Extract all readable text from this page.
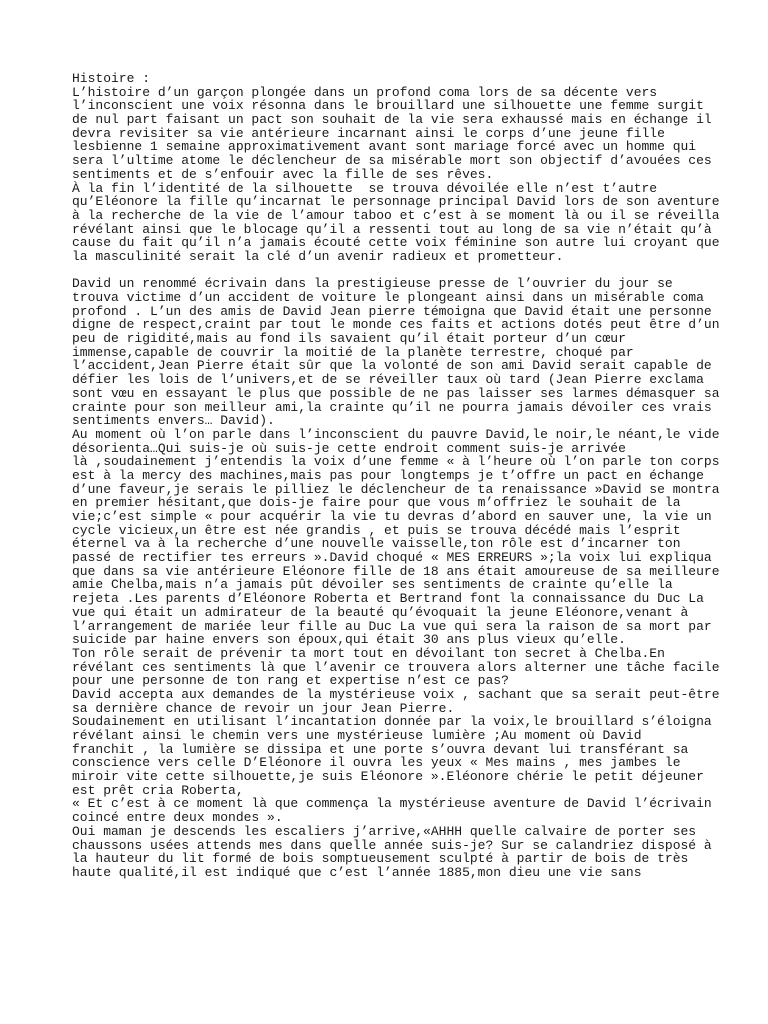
Histoire :
L’histoire d’un garçon plongée dans un profond coma lors de sa décente vers
l’inconscient une voix résonna dans le brouillard une silhouette une femme surgit
de nul part faisant un pact son souhait de la vie sera exhaussé mais en échange il
devra revisiter sa vie antérieure incarnant ainsi le corps d’une jeune fille
lesbienne 1 semaine approximativement avant sont mariage forcé avec un homme qui
sera l’ultime atome le déclencheur de sa misérable mort son objectif d’avouées ces
sentiments et de s’enfouir avec la fille de ses rêves.
À la fin l’identité de la silhouette  se trouva dévoilée elle n’est t’autre
qu’Eléonore la fille qu’incarnat le personnage principal David lors de son aventure
à la recherche de la vie de l’amour taboo et c’est à se moment là ou il se réveilla
révélant ainsi que le blocage qu’il a ressenti tout au long de sa vie n’était qu’à
cause du fait qu’il n’a jamais écouté cette voix féminine son autre lui croyant que
la masculinité serait la clé d’un avenir radieux et prometteur.
David un renommé écrivain dans la prestigieuse presse de l’ouvrier du jour se
trouva victime d’un accident de voiture le plongeant ainsi dans un misérable coma
profond . L’un des amis de David Jean pierre témoigna que David était une personne
digne de respect,craint par tout le monde ces faits et actions dotés peut être d’un
peu de rigidité,mais au fond ils savaient qu’il était porteur d’un cœur
immense,capable de couvrir la moitié de la planète terrestre, choqué par
l’accident,Jean Pierre était sûr que la volonté de son ami David serait capable de
défier les lois de l’univers,et de se réveiller taux où tard (Jean Pierre exclama
sont vœu en essayant le plus que possible de ne pas laisser ses larmes démasquer sa
crainte pour son meilleur ami,la crainte qu’il ne pourra jamais dévoiler ces vrais
sentiments envers… David).
Au moment où l’on parle dans l’inconscient du pauvre David,le noir,le néant,le vide
désorienta…Qui suis-je où suis-je cette endroit comment suis-je arrivée
là ,soudainement j’entendis la voix d’une femme « à l’heure où l’on parle ton corps
est à la mercy des machines,mais pas pour longtemps je t’offre un pact en échange
d’une faveur,je serais le pilliez le déclencheur de ta renaissance »David se montra
en premier hésitant,que dois-je faire pour que vous m’offriez le souhait de la
vie;c’est simple « pour acquérir la vie tu devras d’abord en sauver une, la vie un
cycle vicieux,un être est née grandis , et puis se trouva décédé mais l’esprit
éternel va à la recherche d’une nouvelle vaisselle,ton rôle est d’incarner ton
passé de rectifier tes erreurs ».David choqué « MES ERREURS »;la voix lui expliqua
que dans sa vie antérieure Eléonore fille de 18 ans était amoureuse de sa meilleure
amie Chelba,mais n’a jamais pût dévoiler ses sentiments de crainte qu’elle la
rejeta .Les parents d’Eléonore Roberta et Bertrand font la connaissance du Duc La
vue qui était un admirateur de la beauté qu’évoquait la jeune Eléonore,venant à
l’arrangement de mariée leur fille au Duc La vue qui sera la raison de sa mort par
suicide par haine envers son époux,qui était 30 ans plus vieux qu’elle.
Ton rôle serait de prévenir ta mort tout en dévoilant ton secret à Chelba.En
révélant ces sentiments là que l’avenir ce trouvera alors alterner une tâche facile
pour une personne de ton rang et expertise n’est ce pas?
David accepta aux demandes de la mystérieuse voix , sachant que sa serait peut-être
sa dernière chance de revoir un jour Jean Pierre.
Soudainement en utilisant l’incantation donnée par la voix,le brouillard s’éloigna
révélant ainsi le chemin vers une mystérieuse lumière ;Au moment où David
franchit , la lumière se dissipa et une porte s’ouvra devant lui transférant sa
conscience vers celle D’Eléonore il ouvra les yeux « Mes mains , mes jambes le
miroir vite cette silhouette,je suis Eléonore ».Eléonore chérie le petit déjeuner
est prêt cria Roberta,
« Et c’est à ce moment là que commença la mystérieuse aventure de David l’écrivain
coincé entre deux mondes ».
Oui maman je descends les escaliers j’arrive,«AHHH quelle calvaire de porter ses
chaussons usées attends mes dans quelle année suis-je? Sur se calandriez disposé à
la hauteur du lit formé de bois somptueusement sculpté à partir de bois de très
haute qualité,il est indiqué que c’est l’année 1885,mon dieu une vie sans
